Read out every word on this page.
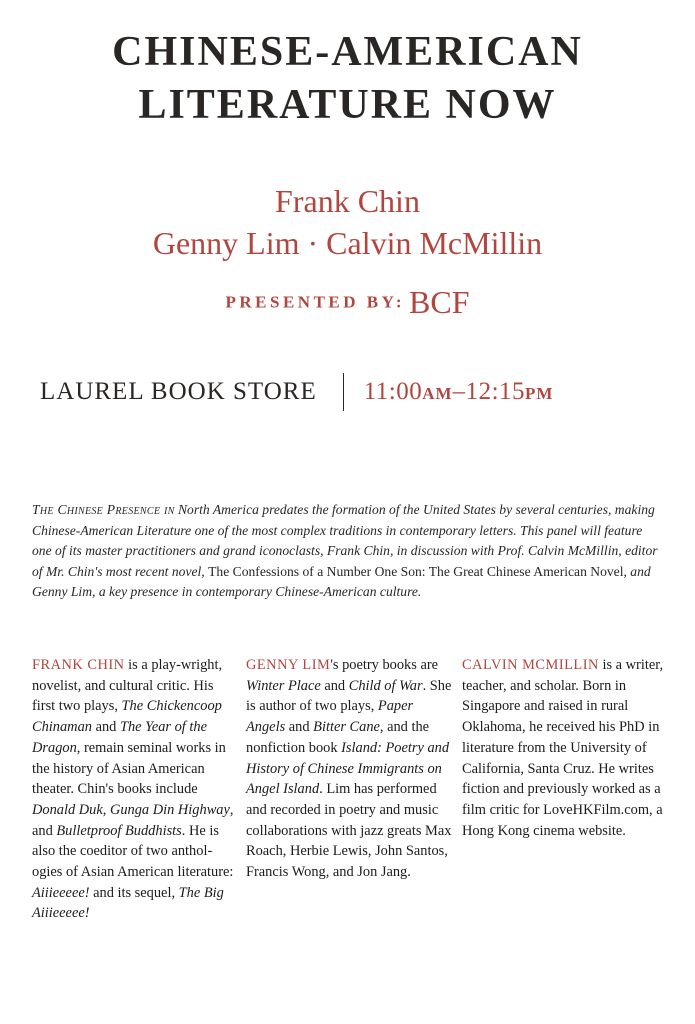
CHINESE-AMERICAN
LITERATURE NOW
Frank Chin
Genny Lim · Calvin McMillin
PRESENTED BY: BCF
LAUREL BOOK STORE 11:00AM–12:15PM
The Chinese Presence in North America predates the formation of the United States by several centuries, making Chinese-American Literature one of the most complex traditions in contemporary letters. This panel will feature one of its master practitioners and grand iconoclasts, Frank Chin, in discussion with Prof. Calvin McMillin, editor of Mr. Chin's most recent novel, The Confessions of a Number One Son: The Great Chinese American Novel, and Genny Lim, a key presence in contemporary Chinese-American culture.
FRANK CHIN is a play-wright, novelist, and cultural critic. His first two plays, The Chickencoop Chinaman and The Year of the Dragon, remain seminal works in the history of Asian American theater. Chin's books include Donald Duk, Gunga Din Highway, and Bulletproof Buddhists. He is also the coeditor of two anthol-ogies of Asian American literature: Aiiieeeee! and its sequel, The Big Aiiieeeee!
GENNY LIM's poetry books are Winter Place and Child of War. She is author of two plays, Paper Angels and Bitter Cane, and the nonfiction book Island: Poetry and History of Chinese Immigrants on Angel Island. Lim has performed and recorded in poetry and music collaborations with jazz greats Max Roach, Herbie Lewis, John Santos, Francis Wong, and Jon Jang.
CALVIN MCMILLIN is a writer, teacher, and scholar. Born in Singapore and raised in rural Oklahoma, he received his PhD in literature from the University of California, Santa Cruz. He writes fiction and previously worked as a film critic for LoveHKFilm.com, a Hong Kong cinema website.
